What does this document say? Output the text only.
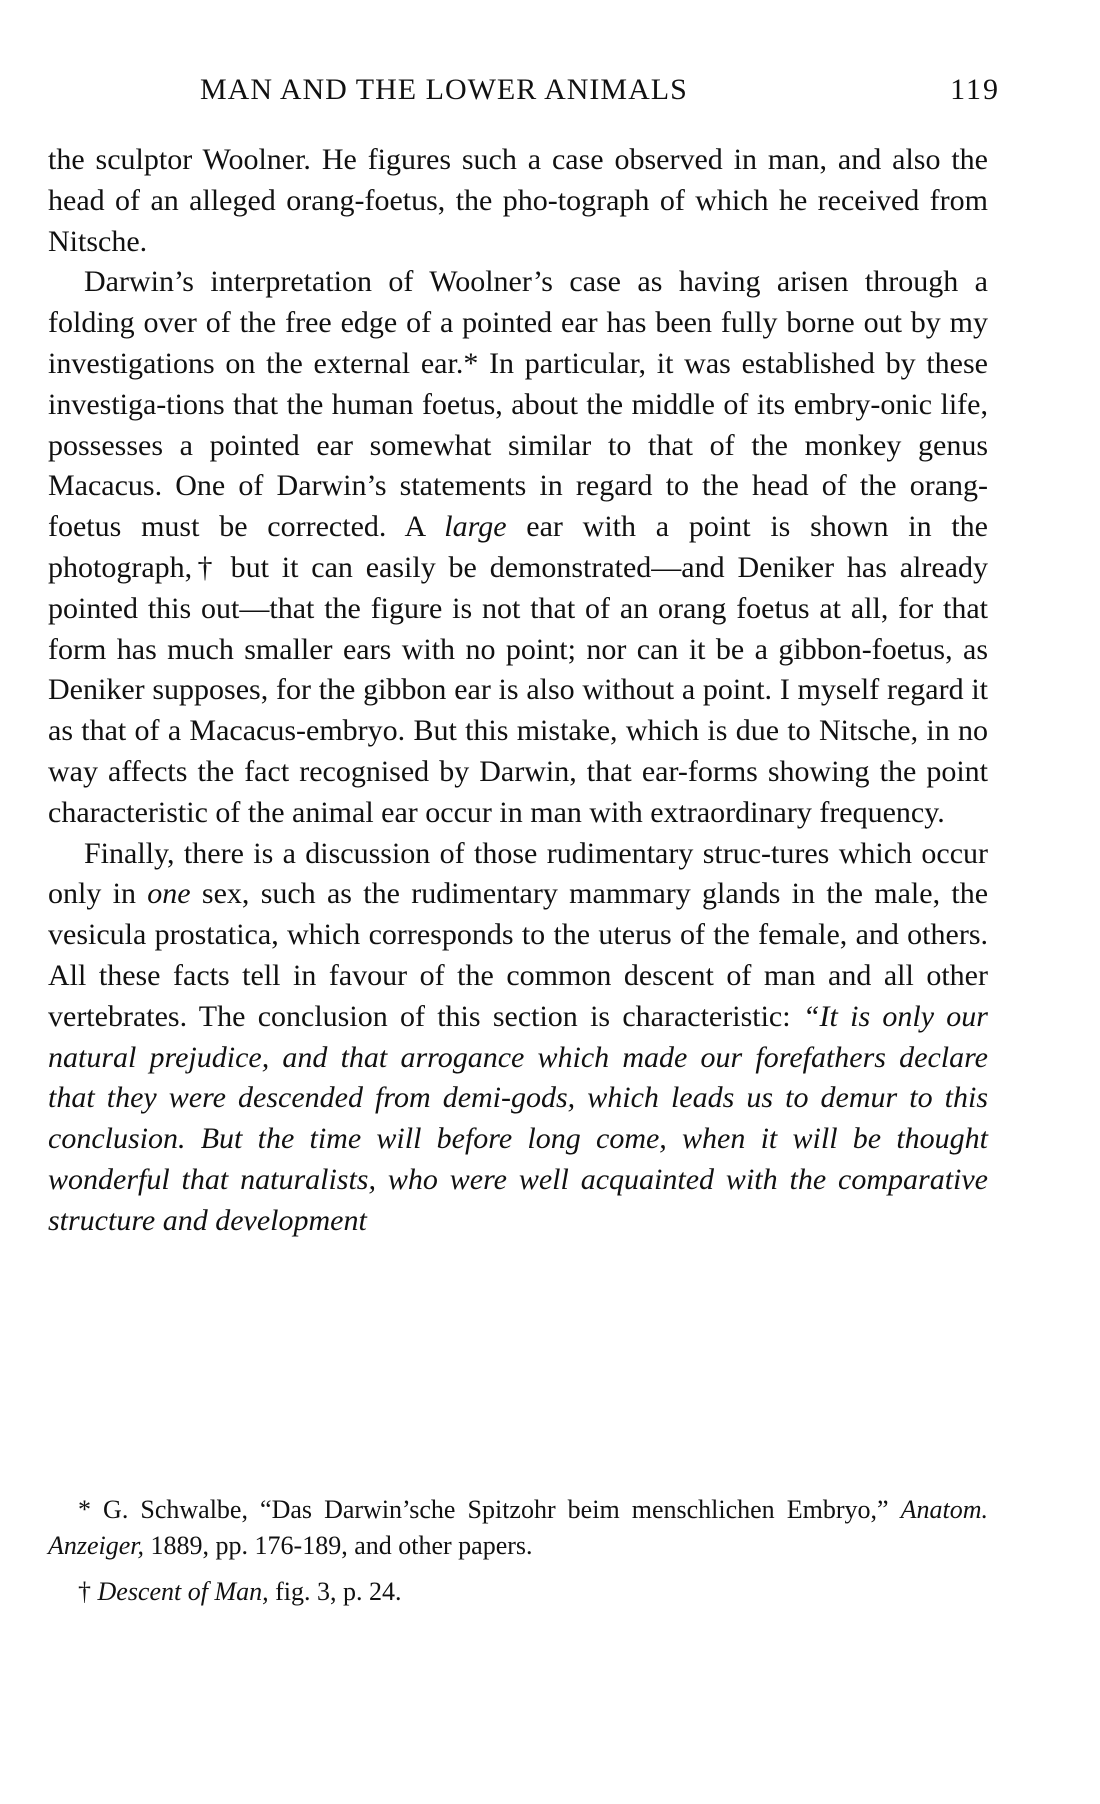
MAN AND THE LOWER ANIMALS	119

the sculptor Woolner. He figures such a case observed in man, and also the head of an alleged orang-foetus, the pho-tograph of which he received from Nitsche.

Darwin’s interpretation of Woolner’s case as having arisen through a folding over of the free edge of a pointed ear has been fully borne out by my investigations on the external ear.* In particular, it was established by these investiga-tions that the human foetus, about the middle of its embry-onic life, possesses a pointed ear somewhat similar to that of the monkey genus Macacus. One of Darwin’s statements in regard to the head of the orang-foetus must be corrected. A large ear with a point is shown in the photograph,† but it can easily be demonstrated—and Deniker has already pointed this out—that the figure is not that of an orang foetus at all, for that form has much smaller ears with no point; nor can it be a gibbon-foetus, as Deniker supposes, for the gibbon ear is also without a point. I myself regard it as that of a Macacus-embryo. But this mistake, which is due to Nitsche, in no way affects the fact recognised by Darwin, that ear-forms showing the point characteristic of the animal ear occur in man with extraordinary frequency.

Finally, there is a discussion of those rudimentary struc-tures which occur only in one sex, such as the rudimentary mammary glands in the male, the vesicula prostatica, which corresponds to the uterus of the female, and others. All these facts tell in favour of the common descent of man and all other vertebrates. The conclusion of this section is characteristic: “It is only our natural prejudice, and that arrogance which made our forefathers declare that they were descended from demi-gods, which leads us to demur to this conclusion. But the time will before long come, when it will be thought wonderful that naturalists, who were well acquainted with the comparative structure and development

* G. Schwalbe, “Das Darwin’sche Spitzohr beim menschlichen Embryo,” Anatom. Anzeiger, 1889, pp. 176-189, and other papers.

† Descent of Man, fig. 3, p. 24.
